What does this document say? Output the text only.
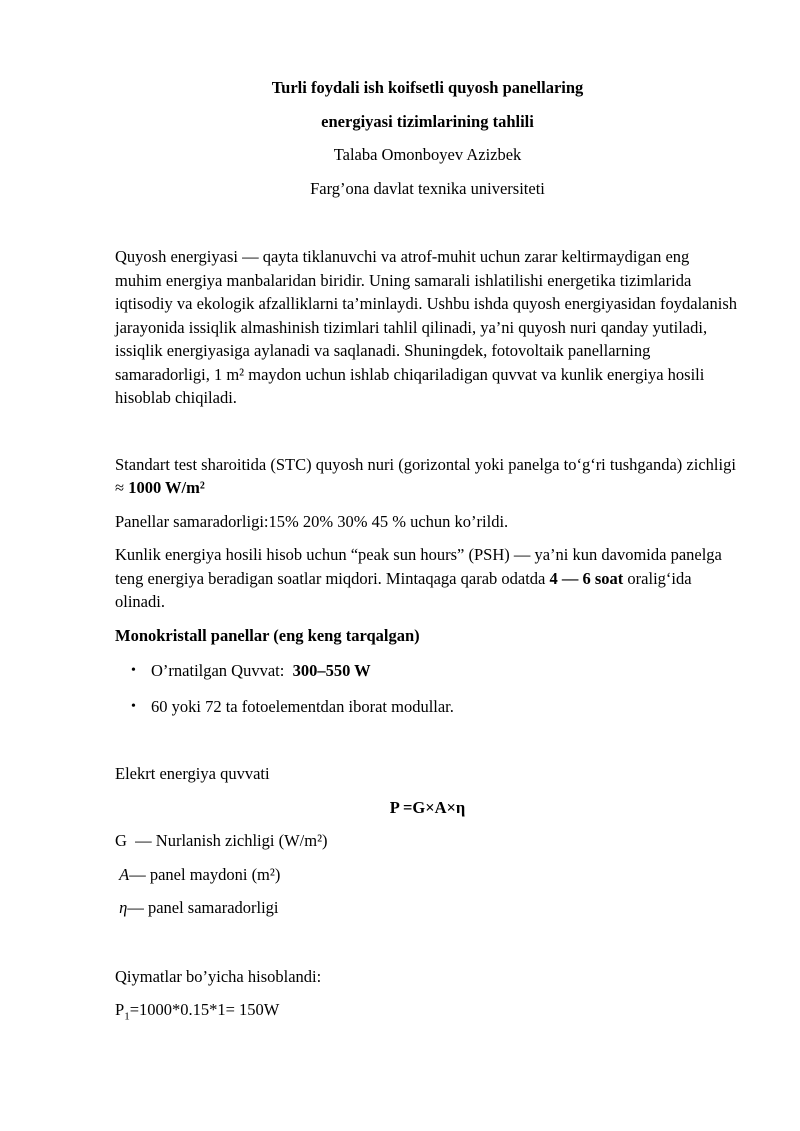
Turli foydali ish koifsetli quyosh panellaring

energiyasi tizimlarining tahlili

Talaba Omonboyev Azizbek

Farg’ona davlat texnika universiteti

Quyosh energiyasi — qayta tiklanuvchi va atrof-muhit uchun zarar keltirmaydigan eng muhim energiya manbalaridan biridir. Uning samarali ishlatilishi energetika tizimlarida iqtisodiy va ekologik afzalliklarni ta’minlaydi. Ushbu ishda quyosh energiyasidan foydalanish jarayonida issiqlik almashinish tizimlari tahlil qilinadi, ya’ni quyosh nuri qanday yutiladi, issiqlik energiyasiga aylanadi va saqlanadi. Shuningdek, fotovoltaik panellarning samaradorligi, 1 m² maydon uchun ishlab chiqariladigan quvvat va kunlik energiya hosili hisoblab chiqiladi.

Standart test sharoitida (STC) quyosh nuri (gorizontal yoki panelga toʻgʻri tushganda) zichligi ≈ 1000 W/m²

Panellar samaradorligi:15% 20% 30% 45 % uchun ko’rildi.

Kunlik energiya hosili hisob uchun “peak sun hours” (PSH) — ya’ni kun davomida panelga teng energiya beradigan soatlar miqdori. Mintaqaga qarab odatda 4 — 6 soat oraligʻida olinadi.

Monokristall panellar (eng keng tarqalgan)

• O’rnatilgan Quvvat:  300–550 W
• 60 yoki 72 ta fotoelementdan iborat modullar.

Elekrt energiya quvvati

P =G×A×η

G  — Nurlanish zichligi (W/m²)

A— panel maydoni (m²)

η— panel samaradorligi

Qiymatlar bo’yicha hisoblandi:

$P_1=1000*0.15*1= 150W$
